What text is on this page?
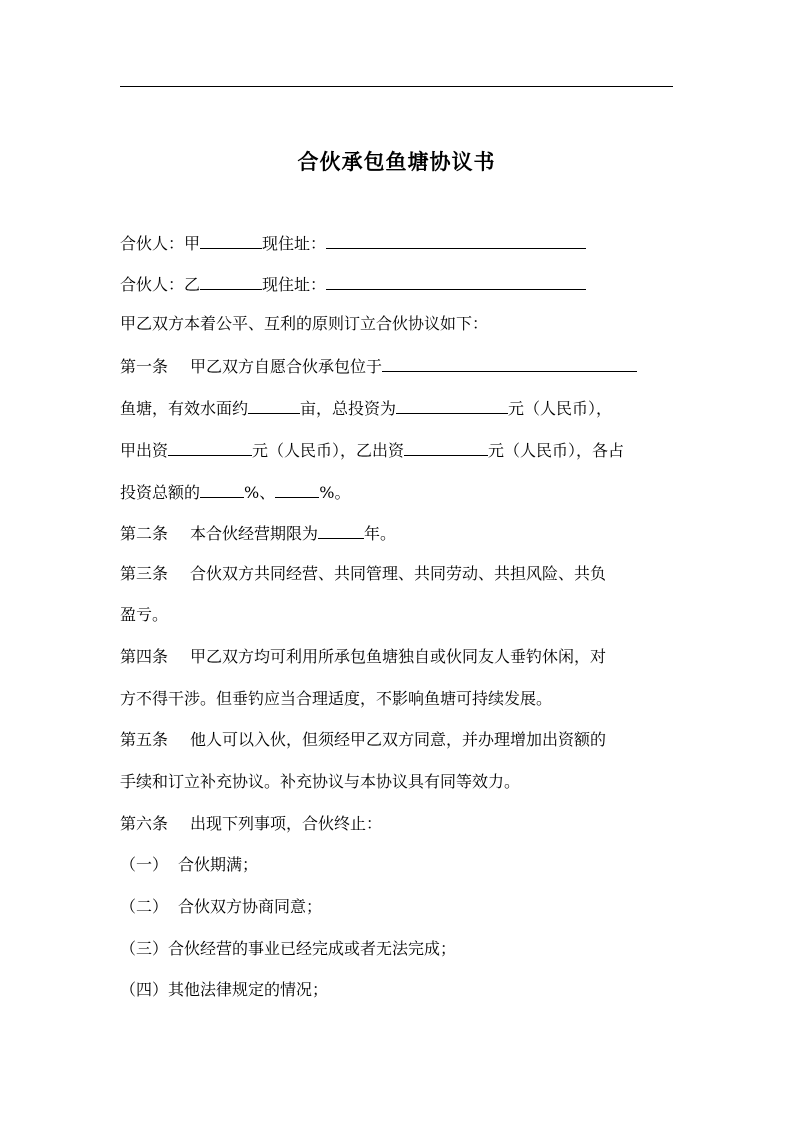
合伙承包鱼塘协议书
合伙人：甲	现住址：
合伙人：乙	现住址：
甲乙双方本着公平、互利的原则订立合伙协议如下：
第一条 甲乙双方自愿合伙承包位于
鱼塘，有效水面约	亩，总投资为	元（人民币），
甲出资	元（人民币），乙出资	元（人民币），各占
投资总额的	%、	%。
第二条 本合伙经营期限为	年。
第三条 合伙双方共同经营、共同管理、共同劳动、共担风险、共负
盈亏。
第四条 甲乙双方均可利用所承包鱼塘独自或伙同友人垂钓休闲，对
方不得干涉。但垂钓应当合理适度，不影响鱼塘可持续发展。
第五条 他人可以入伙，但须经甲乙双方同意，并办理增加出资额的
手续和订立补充协议。补充协议与本协议具有同等效力。
第六条 出现下列事项，合伙终止：
（一） 合伙期满；
（二） 合伙双方协商同意；
（三）合伙经营的事业已经完成或者无法完成；
（四）其他法律规定的情况；
